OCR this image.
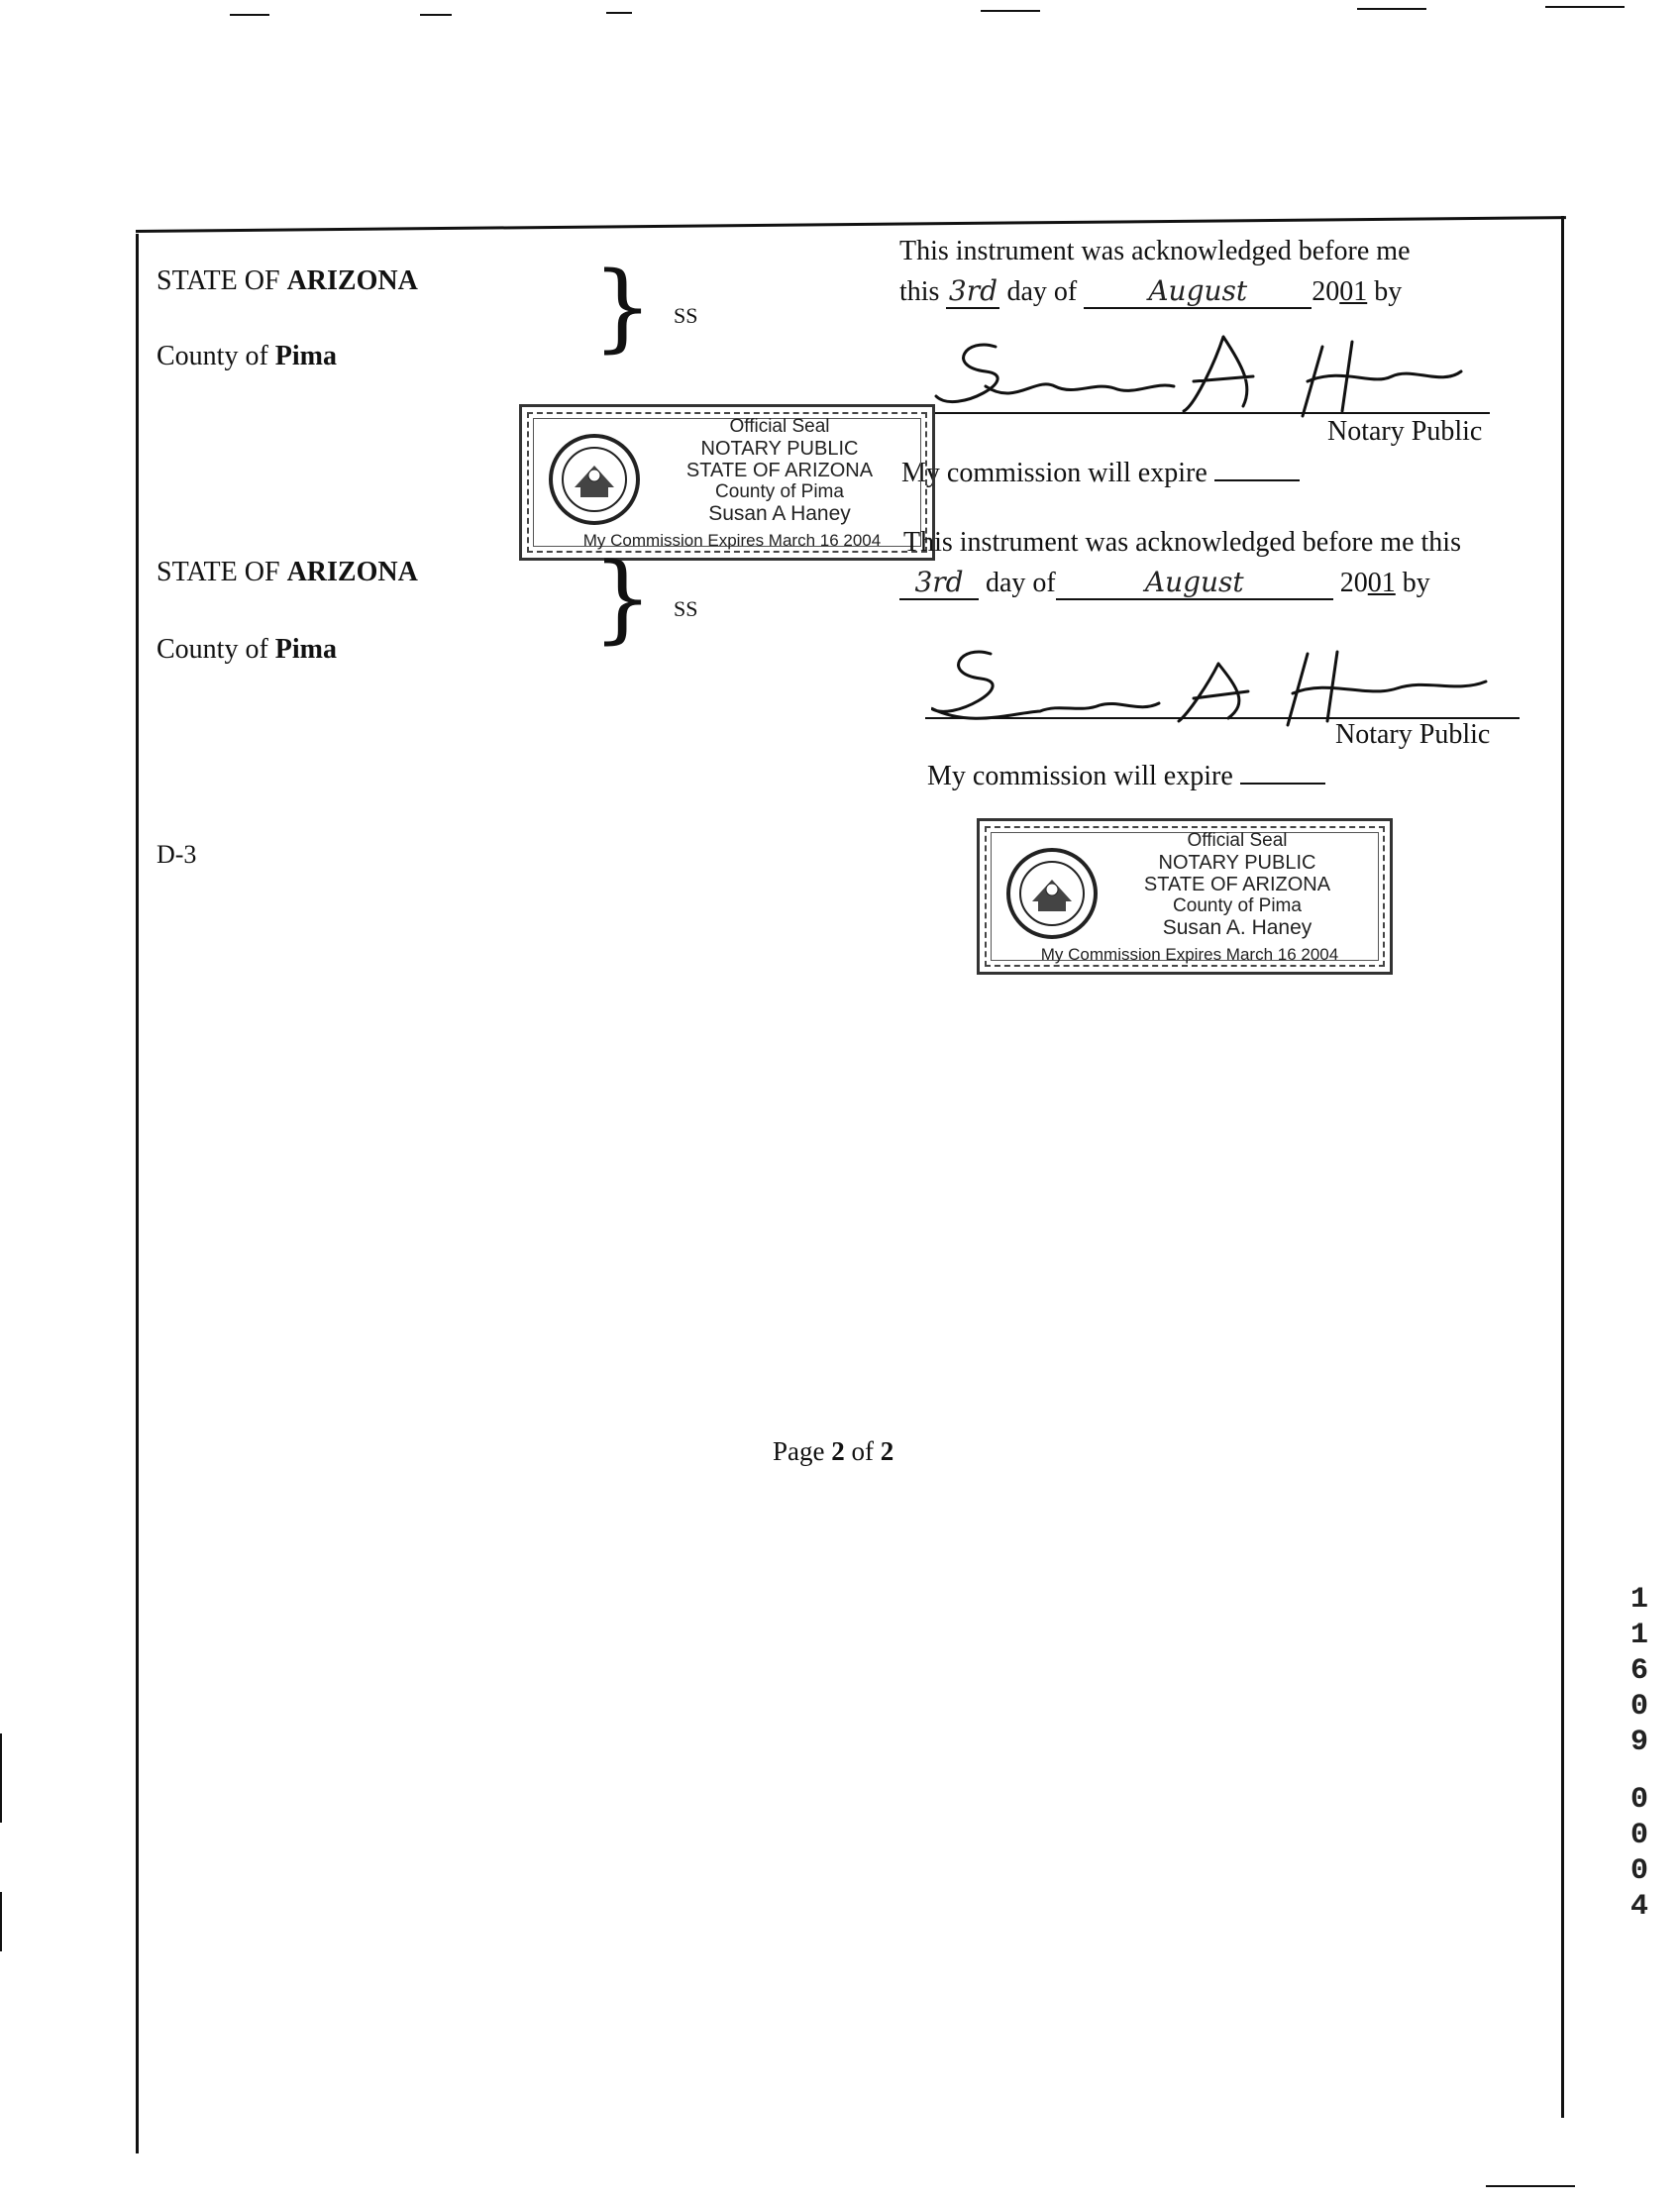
STATE OF ARIZONA
County of Pima	} SS
This instrument was acknowledged before me
this 3rd day of	August 2001 by
Notary Public
My commission will expire
Official Seal
NOTARY PUBLIC
STATE OF ARIZONA
County of Pima
Susan A Haney
My Commission Expires March 16 2004
STATE OF ARIZONA
County of Pima	} SS
This instrument was acknowledged before me this
3rd day of	August	2001 by
Notary Public
My commission will expire
Official Seal
NOTARY PUBLIC
STATE OF ARIZONA
County of Pima
Susan A. Haney
My Commission Expires March 16 2004
D-3
Page 2 of 2
1
1
6
0
9
0
0
0
4
